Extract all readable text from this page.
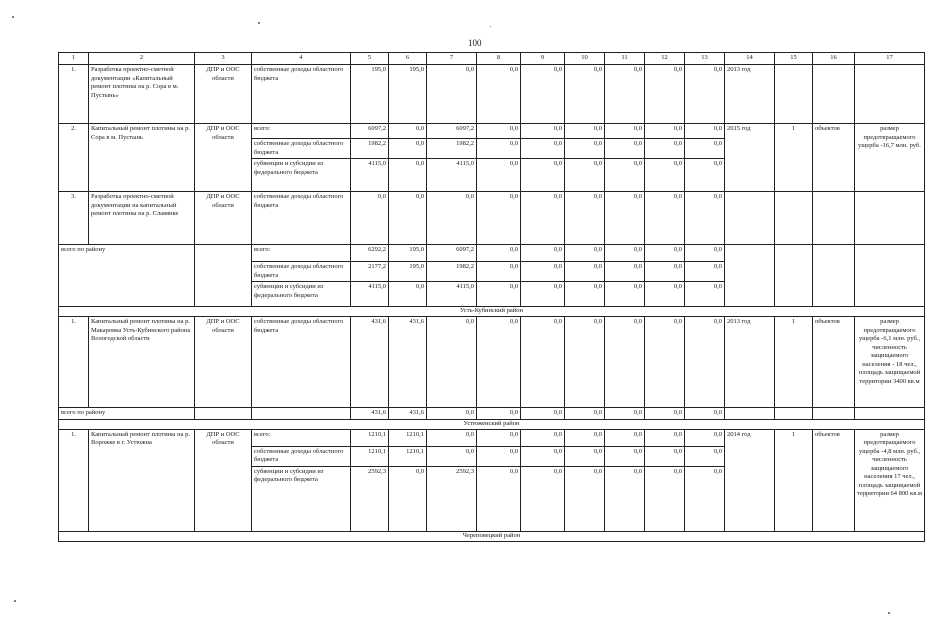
100
1	2	3	4	5	6	7	8	9	10	11	12	13	14	15	16	17
1.	Разработка проектно-сметной документации «Капитальный ремонт плотины на р. Сора в м. Пустынь»	ДПР и ООС области	собственные доходы областного бюджета	195,0	195,0	0,0	0,0	0,0	0,0	0,0	0,0	0,0	2013 год			
2.	Капитальный ремонт плотины на р. Сора в м. Пустынь	ДПР и ООС области	всего:	6097,2	0,0	6097,2	0,0	0,0	0,0	0,0	0,0	0,0	2015 год	1	объектов	размер предотвращаемого ущерба -16,7 млн. руб.
			собственные доходы областного бюджета	1982,2	0,0	1982,2	0,0	0,0	0,0	0,0	0,0	0,0				
			субвенции и субсидии из федерального бюджета	4115,0	0,0	4115,0	0,0	0,0	0,0	0,0	0,0	0,0				
3.	Разработка проектно-сметной документации на капитальный ремонт плотины на р. Славянке	ДПР и ООС области	собственные доходы областного бюджета	0,0	0,0	0,0	0,0	0,0	0,0	0,0	0,0	0,0				
всего по району			всего:	6292,2	195,0	6097,2	0,0	0,0	0,0	0,0	0,0	0,0				
			собственные доходы областного бюджета	2177,2	195,0	1982,2	0,0	0,0	0,0	0,0	0,0	0,0				
			субвенции и субсидии из федерального бюджета	4115,0	0,0	4115,0	0,0	0,0	0,0	0,0	0,0	0,0				
Усть-Кубинский район																
1.	Капитальный ремонт плотины на р. Макаровка Усть-Кубинского района Вологодской области	ДПР и ООС области	собственные доходы областного бюджета	431,6	431,6	0,0	0,0	0,0	0,0	0,0	0,0	0,0	2013 год	1	объектов	размер предотвращаемого ущерба -6,1 млн. руб., численность защищаемого населения - 18 чел., площадь защищаемой территории 3400 кв.м
всего по району				431,6	431,6	0,0	0,0	0,0	0,0	0,0	0,0	0,0				
Устюженский район																
1.	Капитальный ремонт плотины на р. Ворожке в г. Устюжна	ДПР и ООС области	всего:	1210,1	1210,1	0,0	0,0	0,0	0,0	0,0	0,0	0,0	2014 год	1	объектов	размер предотвращаемого ущерба -4,8 млн. руб., численность защищаемого населения 17 чел., площадь защищаемой территории 64 800 кв.м
			собственные доходы областного бюджета	1210,1	1210,1	0,0	0,0	0,0	0,0	0,0	0,0	0,0				
			субвенции и субсидии из федерального бюджета	2592,3	0,0	2592,3	0,0	0,0	0,0	0,0	0,0	0,0				
Череповецкий район																
